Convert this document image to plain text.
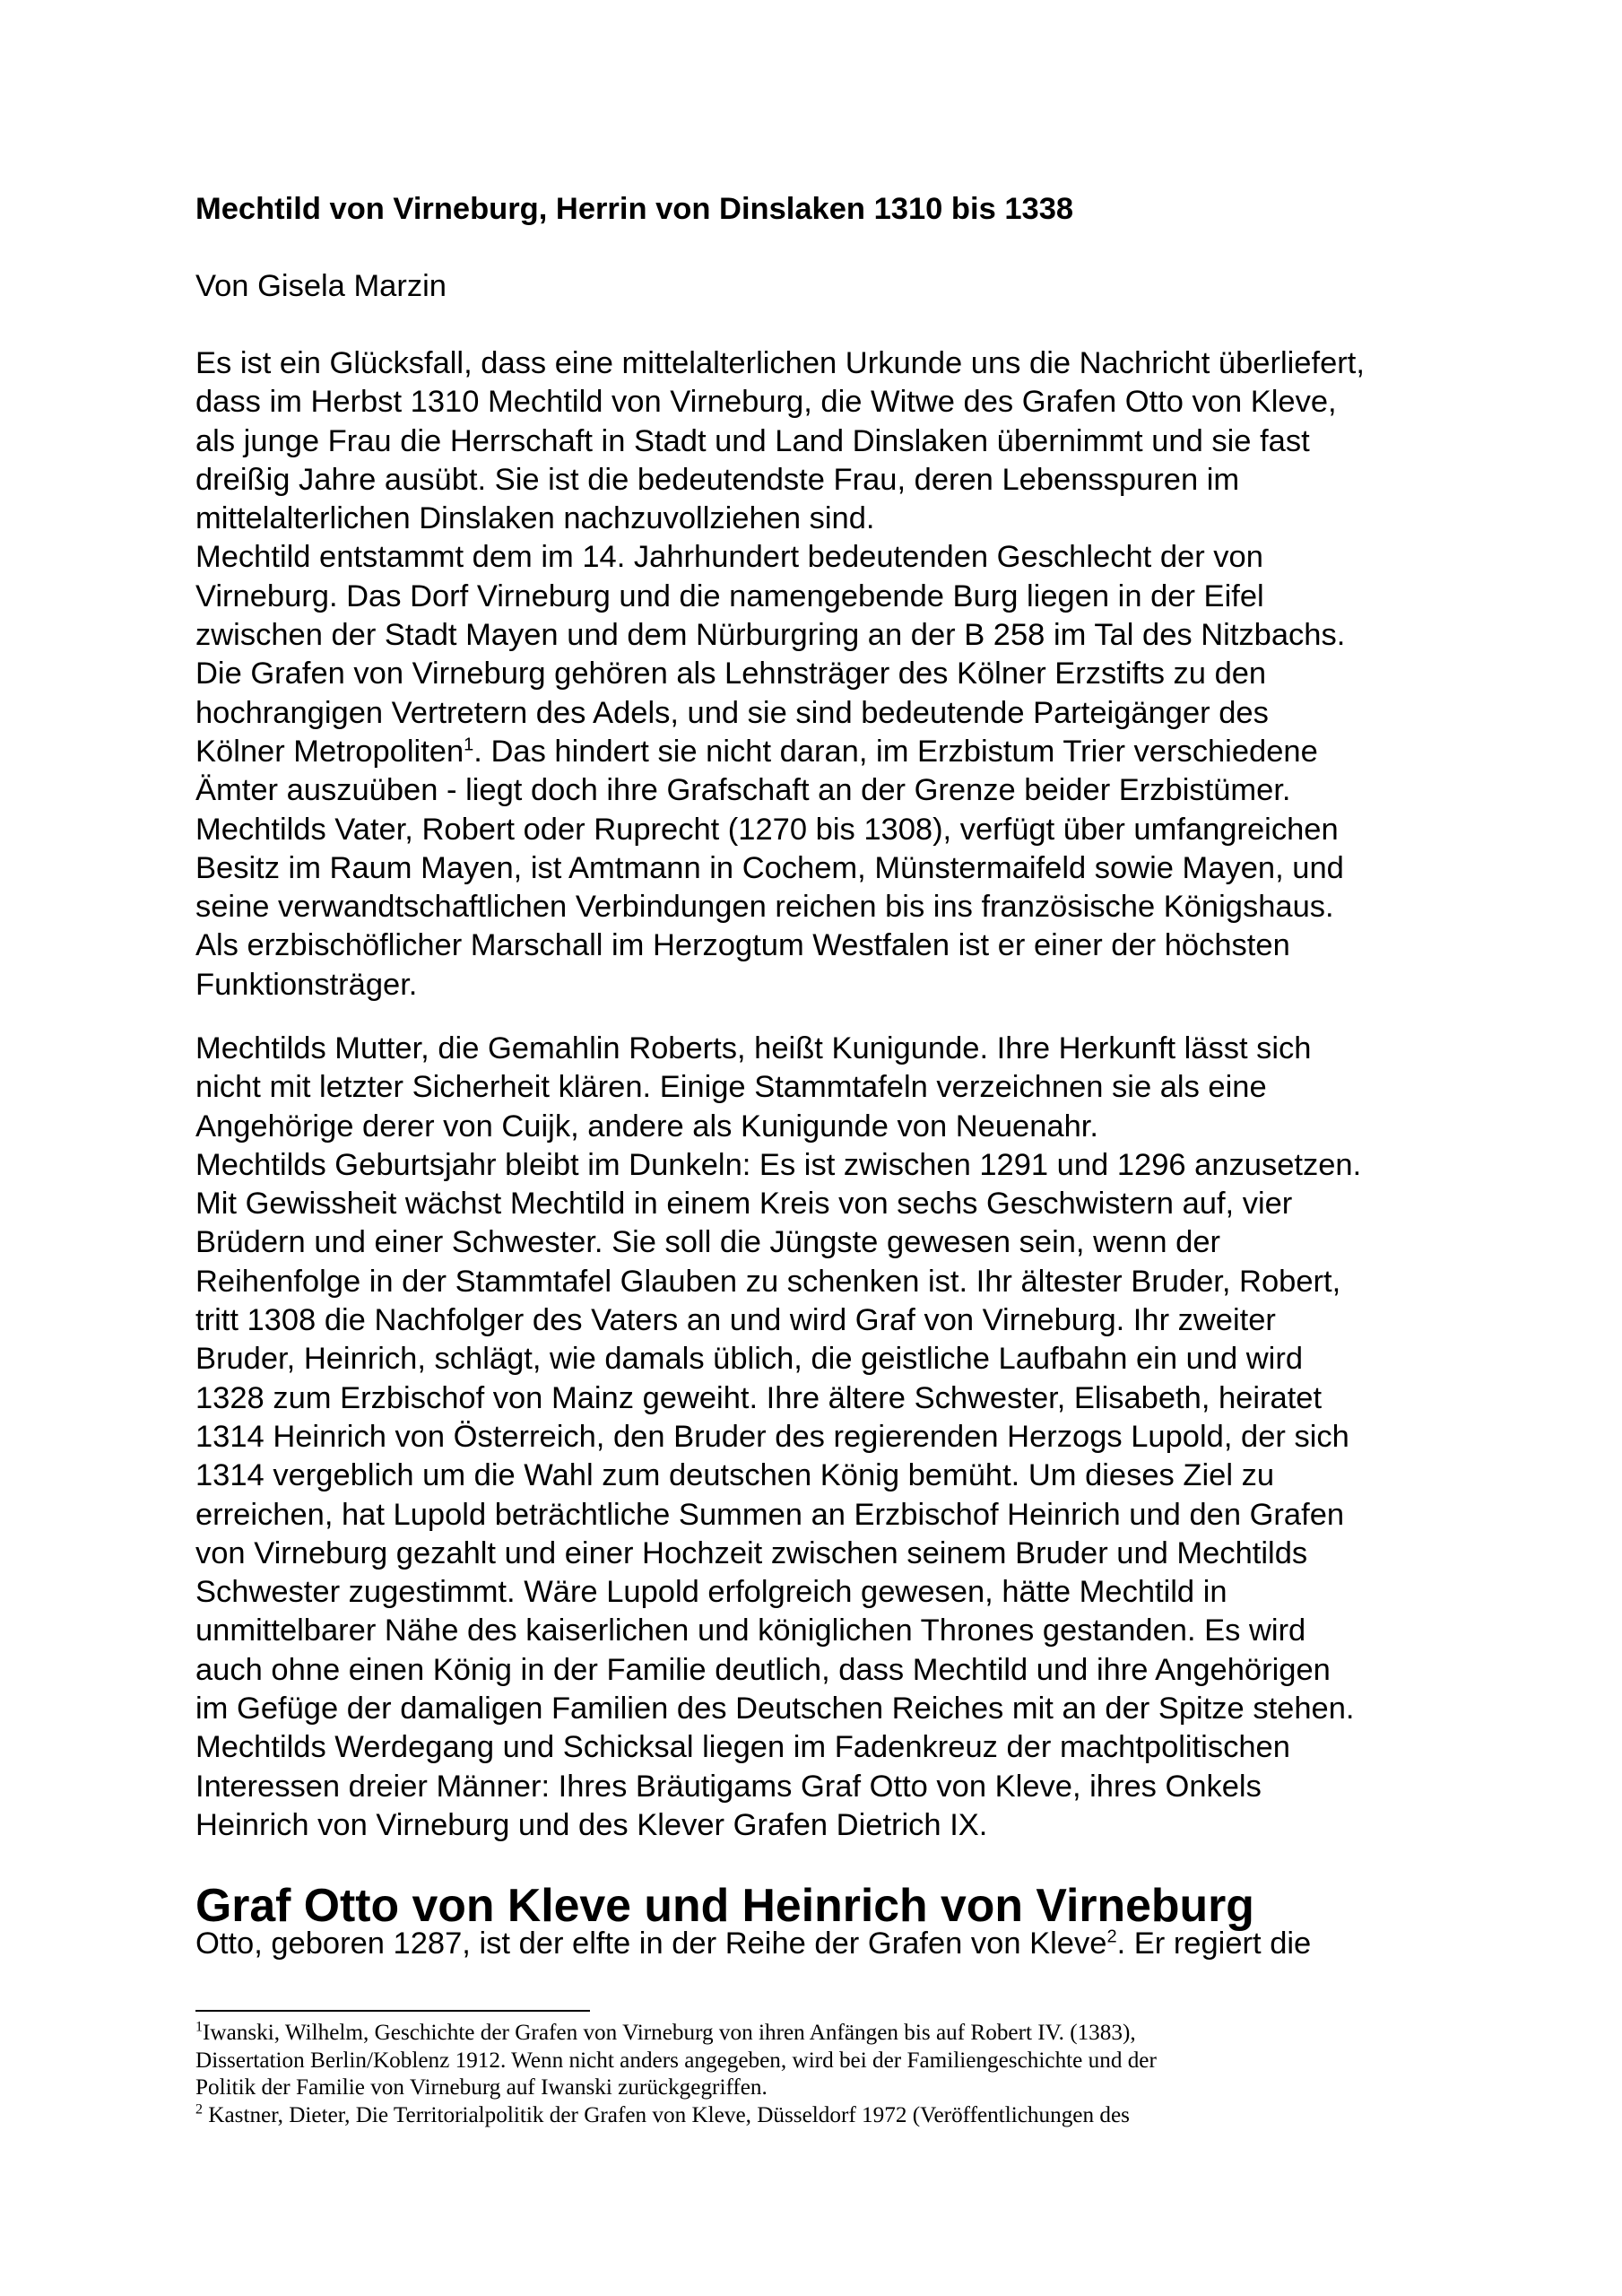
Mechtild von Virneburg, Herrin von Dinslaken 1310 bis 1338

Von Gisela Marzin

Es ist ein Glücksfall, dass eine mittelalterlichen Urkunde uns die Nachricht überliefert,
dass im Herbst 1310 Mechtild von Virneburg, die Witwe des Grafen Otto von Kleve,
als junge Frau die Herrschaft in Stadt und Land Dinslaken übernimmt und sie fast
dreißig Jahre ausübt. Sie ist die bedeutendste Frau, deren Lebensspuren im
mittelalterlichen Dinslaken nachzuvollziehen sind.
Mechtild entstammt dem im 14. Jahrhundert bedeutenden Geschlecht der von
Virneburg. Das Dorf Virneburg und die namengebende Burg liegen in der Eifel
zwischen der Stadt Mayen und dem Nürburgring an der B 258 im Tal des Nitzbachs.
Die Grafen von Virneburg gehören als Lehnsträger des Kölner Erzstifts zu den
hochrangigen Vertretern des Adels, und sie sind bedeutende Parteigänger des
Kölner Metropoliten$^1$. Das hindert sie nicht daran, im Erzbistum Trier verschiedene
Ämter auszuüben - liegt doch ihre Grafschaft an der Grenze beider Erzbistümer.
Mechtilds Vater, Robert oder Ruprecht (1270 bis 1308), verfügt über umfangreichen
Besitz im Raum Mayen, ist Amtmann in Cochem, Münstermaifeld sowie Mayen, und
seine verwandtschaftlichen Verbindungen reichen bis ins französische Königshaus.
Als erzbischöflicher Marschall im Herzogtum Westfalen ist er einer der höchsten
Funktionsträger.
Mechtilds Mutter, die Gemahlin Roberts, heißt Kunigunde. Ihre Herkunft lässt sich
nicht mit letzter Sicherheit klären. Einige Stammtafeln verzeichnen sie als eine
Angehörige derer von Cuijk, andere als Kunigunde von Neuenahr.
Mechtilds Geburtsjahr bleibt im Dunkeln: Es ist zwischen 1291 und 1296 anzusetzen.
Mit Gewissheit wächst Mechtild in einem Kreis von sechs Geschwistern auf, vier
Brüdern und einer Schwester. Sie soll die Jüngste gewesen sein, wenn der
Reihenfolge in der Stammtafel Glauben zu schenken ist. Ihr ältester Bruder, Robert,
tritt 1308 die Nachfolger des Vaters an und wird Graf von Virneburg. Ihr zweiter
Bruder, Heinrich, schlägt, wie damals üblich, die geistliche Laufbahn ein und wird
1328 zum Erzbischof von Mainz geweiht. Ihre ältere Schwester, Elisabeth, heiratet
1314 Heinrich von Österreich, den Bruder des regierenden Herzogs Lupold, der sich
1314 vergeblich um die Wahl zum deutschen König bemüht. Um dieses Ziel zu
erreichen, hat Lupold beträchtliche Summen an Erzbischof Heinrich und den Grafen
von Virneburg gezahlt und einer Hochzeit zwischen seinem Bruder und Mechtilds
Schwester zugestimmt. Wäre Lupold erfolgreich gewesen, hätte Mechtild in
unmittelbarer Nähe des kaiserlichen und königlichen Thrones gestanden. Es wird
auch ohne einen König in der Familie deutlich, dass Mechtild und ihre Angehörigen
im Gefüge der damaligen Familien des Deutschen Reiches mit an der Spitze stehen.
Mechtilds Werdegang und Schicksal liegen im Fadenkreuz der machtpolitischen
Interessen dreier Männer: Ihres Bräutigams Graf Otto von Kleve, ihres Onkels
Heinrich von Virneburg und des Klever Grafen Dietrich IX.
Graf Otto von Kleve und Heinrich von Virneburg
Otto, geboren 1287, ist der elfte in der Reihe der Grafen von Kleve$^2$. Er regiert die
$^1$Iwanski, Wilhelm, Geschichte der Grafen von Virneburg von ihren Anfängen bis auf Robert IV. (1383),
Dissertation Berlin/Koblenz 1912. Wenn nicht anders angegeben, wird bei der Familiengeschichte und der
Politik der Familie von Virneburg auf Iwanski zurückgegriffen.
$^2$ Kastner, Dieter, Die Territorialpolitik der Grafen von Kleve, Düsseldorf 1972 (Veröffentlichungen des
